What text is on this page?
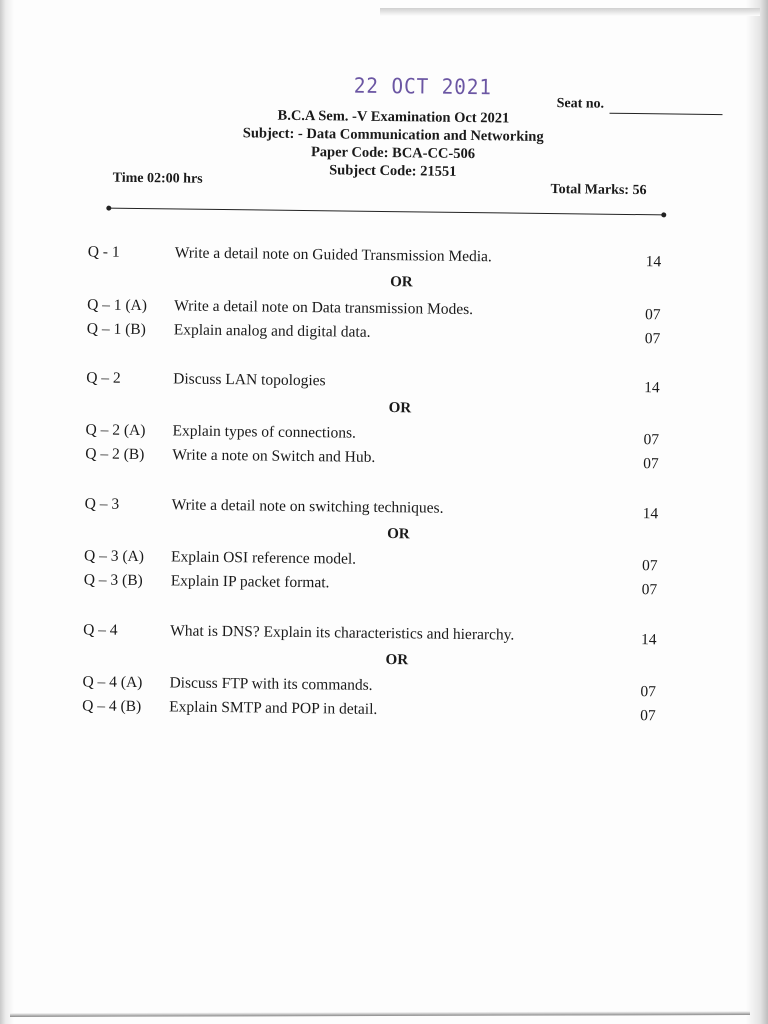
22 OCT 2021
Seat no.
B.C.A Sem. -V Examination Oct 2021
Subject: - Data Communication and Networking
Paper Code: BCA-CC-506
Subject Code: 21551
Time 02:00 hrs
Total Marks: 56
Q - 1	Write a detail note on Guided Transmission Media.	14
OR
Q – 1 (A) Write a detail note on Data transmission Modes.	07
Q – 1 (B) Explain analog and digital data.	07
Q – 2	Discuss LAN topologies	14
OR
Q – 2 (A) Explain types of connections.	07
Q – 2 (B) Write a note on Switch and Hub.	07
Q – 3	Write a detail note on switching techniques.	14
OR
Q – 3 (A) Explain OSI reference model.	07
Q – 3 (B) Explain IP packet format.	07
Q – 4	What is DNS? Explain its characteristics and hierarchy.	14
OR
Q – 4 (A) Discuss FTP with its commands.	07
Q – 4 (B) Explain SMTP and POP in detail.	07
